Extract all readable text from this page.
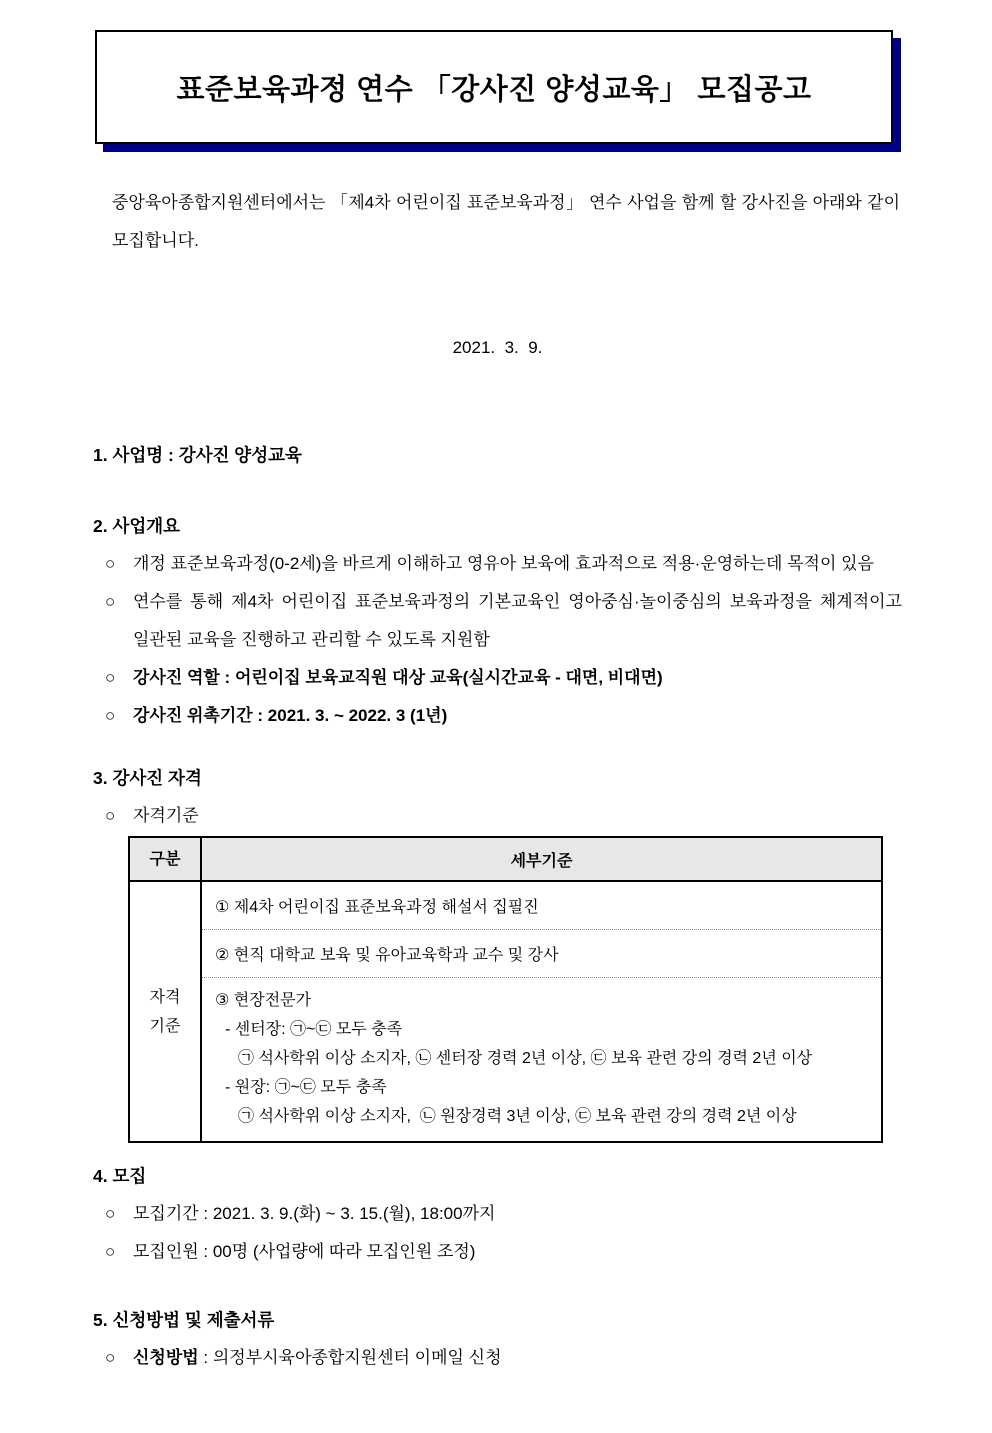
표준보육과정 연수 「강사진 양성교육」 모집공고

중앙육아종합지원센터에서는 「제4차 어린이집 표준보육과정」 연수 사업을 함께 할 강사진을 아래와 같이 모집합니다.

2021.  3.  9.
1. 사업명 : 강사진 양성교육
2. 사업개요
○	개정 표준보육과정(0-2세)을 바르게 이해하고 영유아 보육에 효과적으로 적용·운영하는데 목적이 있음
○	연수를 통해 제4차 어린이집 표준보육과정의 기본교육인 영아중심·놀이중심의 보육과정을 체계적이고 일관된 교육을 진행하고 관리할 수 있도록 지원함
○	강사진 역할 : 어린이집 보육교직원 대상 교육(실시간교육 - 대면, 비대면)
○	강사진 위촉기간 : 2021. 3. ~ 2022. 3 (1년)
3. 강사진 자격
○	자격기준
구분	세부기준
자격
기준
① 제4차 어린이집 표준보육과정 해설서 집필진
② 현직 대학교 보육 및 유아교육학과 교수 및 강사
③ 현장전문가
- 센터장: ㉠~㉢ 모두 충족
㉠ 석사학위 이상 소지자, ㉡ 센터장 경력 2년 이상, ㉢ 보육 관련 강의 경력 2년 이상
- 원장: ㉠~㉢ 모두 충족
㉠ 석사학위 이상 소지자,  ㉡ 원장경력 3년 이상, ㉢ 보육 관련 강의 경력 2년 이상
4. 모집
○	모집기간 : 2021. 3. 9.(화) ~ 3. 15.(월), 18:00까지
○	모집인원 : 00명 (사업량에 따라 모집인원 조정)
5. 신청방법 및 제출서류
○	신청방법 : 의정부시육아종합지원센터 이메일 신청
